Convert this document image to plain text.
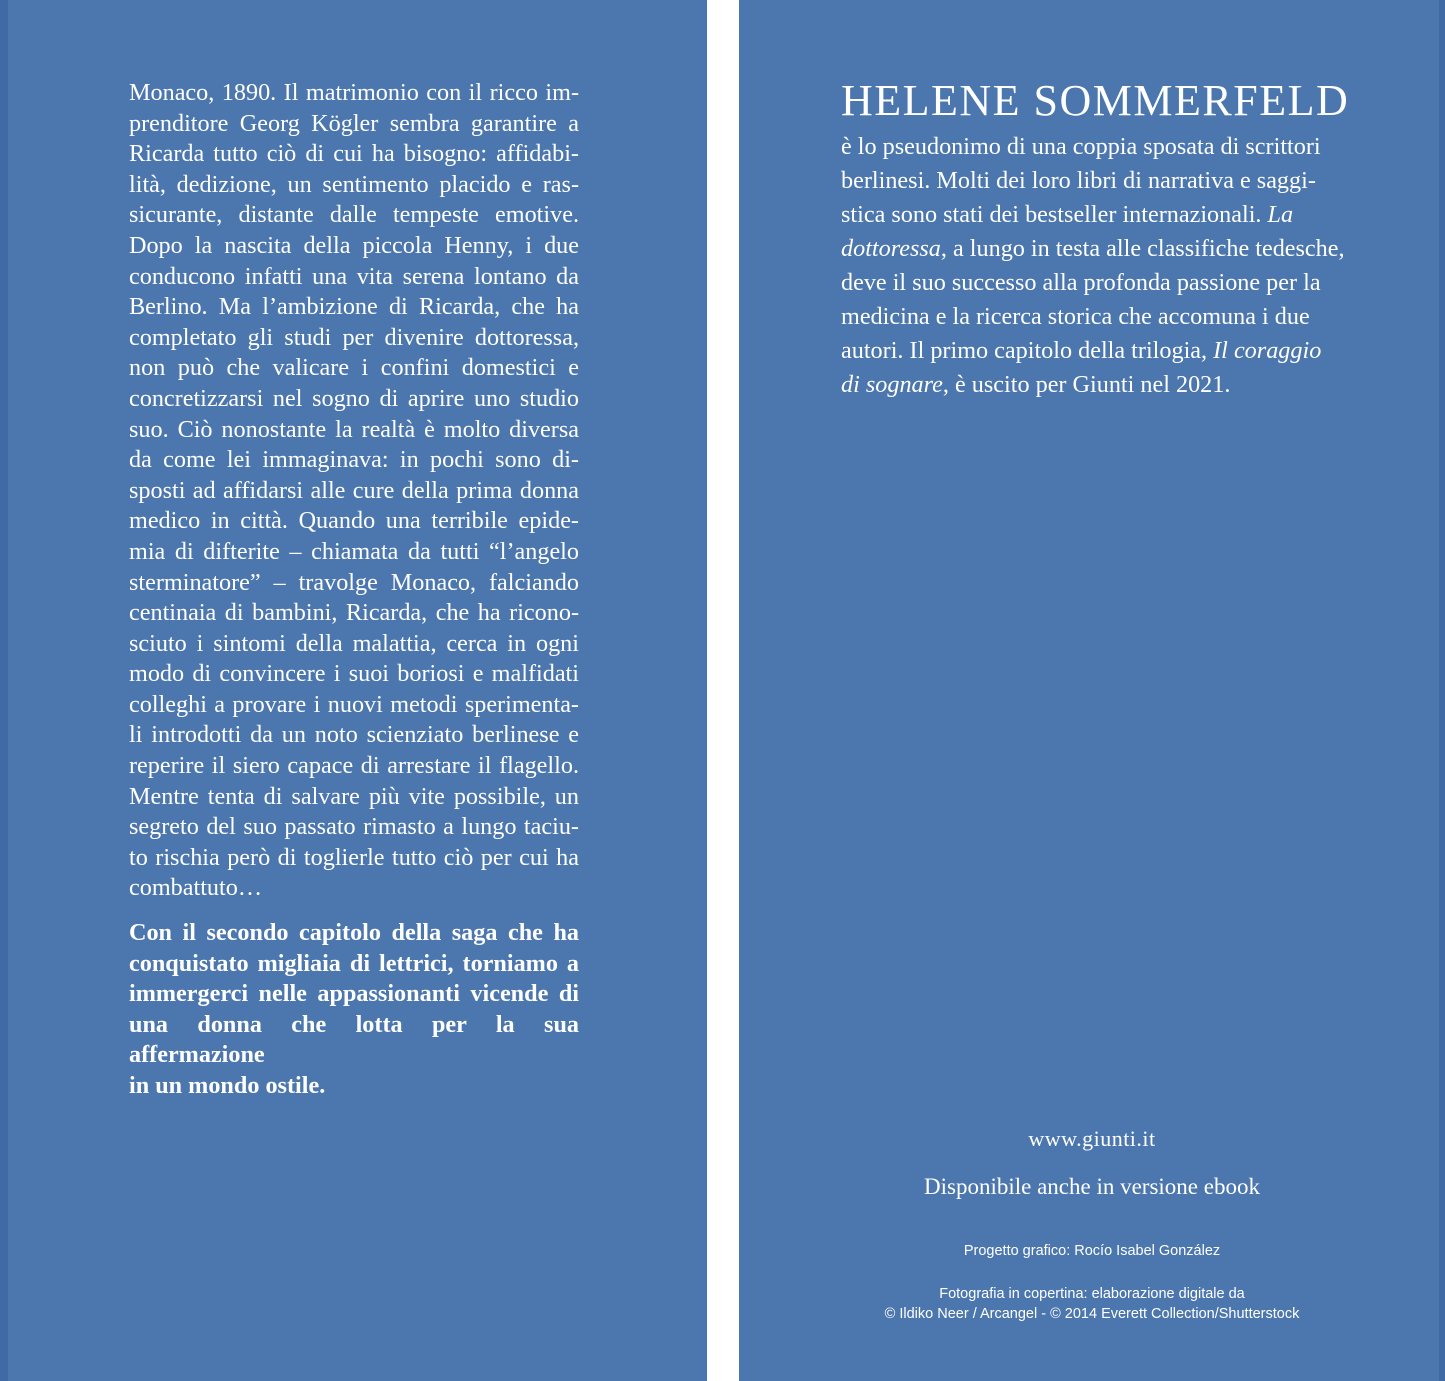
Monaco, 1890. Il matrimonio con il ricco im-
prenditore Georg Kögler sembra garantire a
Ricarda tutto ciò di cui ha bisogno: affidabi-
lità, dedizione, un sentimento placido e ras-
sicurante, distante dalle tempeste emotive.
Dopo la nascita della piccola Henny, i due
conducono infatti una vita serena lontano da
Berlino. Ma l’ambizione di Ricarda, che ha
completato gli studi per divenire dottoressa,
non può che valicare i confini domestici e
concretizzarsi nel sogno di aprire uno studio
suo. Ciò nonostante la realtà è molto diversa
da come lei immaginava: in pochi sono di-
sposti ad affidarsi alle cure della prima donna
medico in città. Quando una terribile epide-
mia di difterite – chiamata da tutti “l’angelo
sterminatore” – travolge Monaco, falciando
centinaia di bambini, Ricarda, che ha ricono-
sciuto i sintomi della malattia, cerca in ogni
modo di convincere i suoi boriosi e malfidati
colleghi a provare i nuovi metodi sperimenta-
li introdotti da un noto scienziato berlinese e
reperire il siero capace di arrestare il flagello.
Mentre tenta di salvare più vite possibile, un
segreto del suo passato rimasto a lungo taciu-
to rischia però di toglierle tutto ciò per cui ha
combattuto…

Con il secondo capitolo della saga che ha
conquistato migliaia di lettrici, torniamo a
immergerci nelle appassionanti vicende di
una donna che lotta per la sua affermazione
in un mondo ostile.

HELENE SOMMERFELD

è lo pseudonimo di una coppia sposata di scrittori berlinesi. Molti dei loro libri di narrativa e saggistica sono stati dei bestseller internazionali. La dottoressa, a lungo in testa alle classifiche tedesche, deve il suo successo alla profonda passione per la medicina e la ricerca storica che accomuna i due autori. Il primo capitolo della trilogia, Il coraggio di sognare, è uscito per Giunti nel 2021.

www.giunti.it
Disponibile anche in versione ebook
Progetto grafico: Rocío Isabel González
Fotografia in copertina: elaborazione digitale da
© Ildiko Neer / Arcangel - © 2014 Everett Collection/Shutterstock
